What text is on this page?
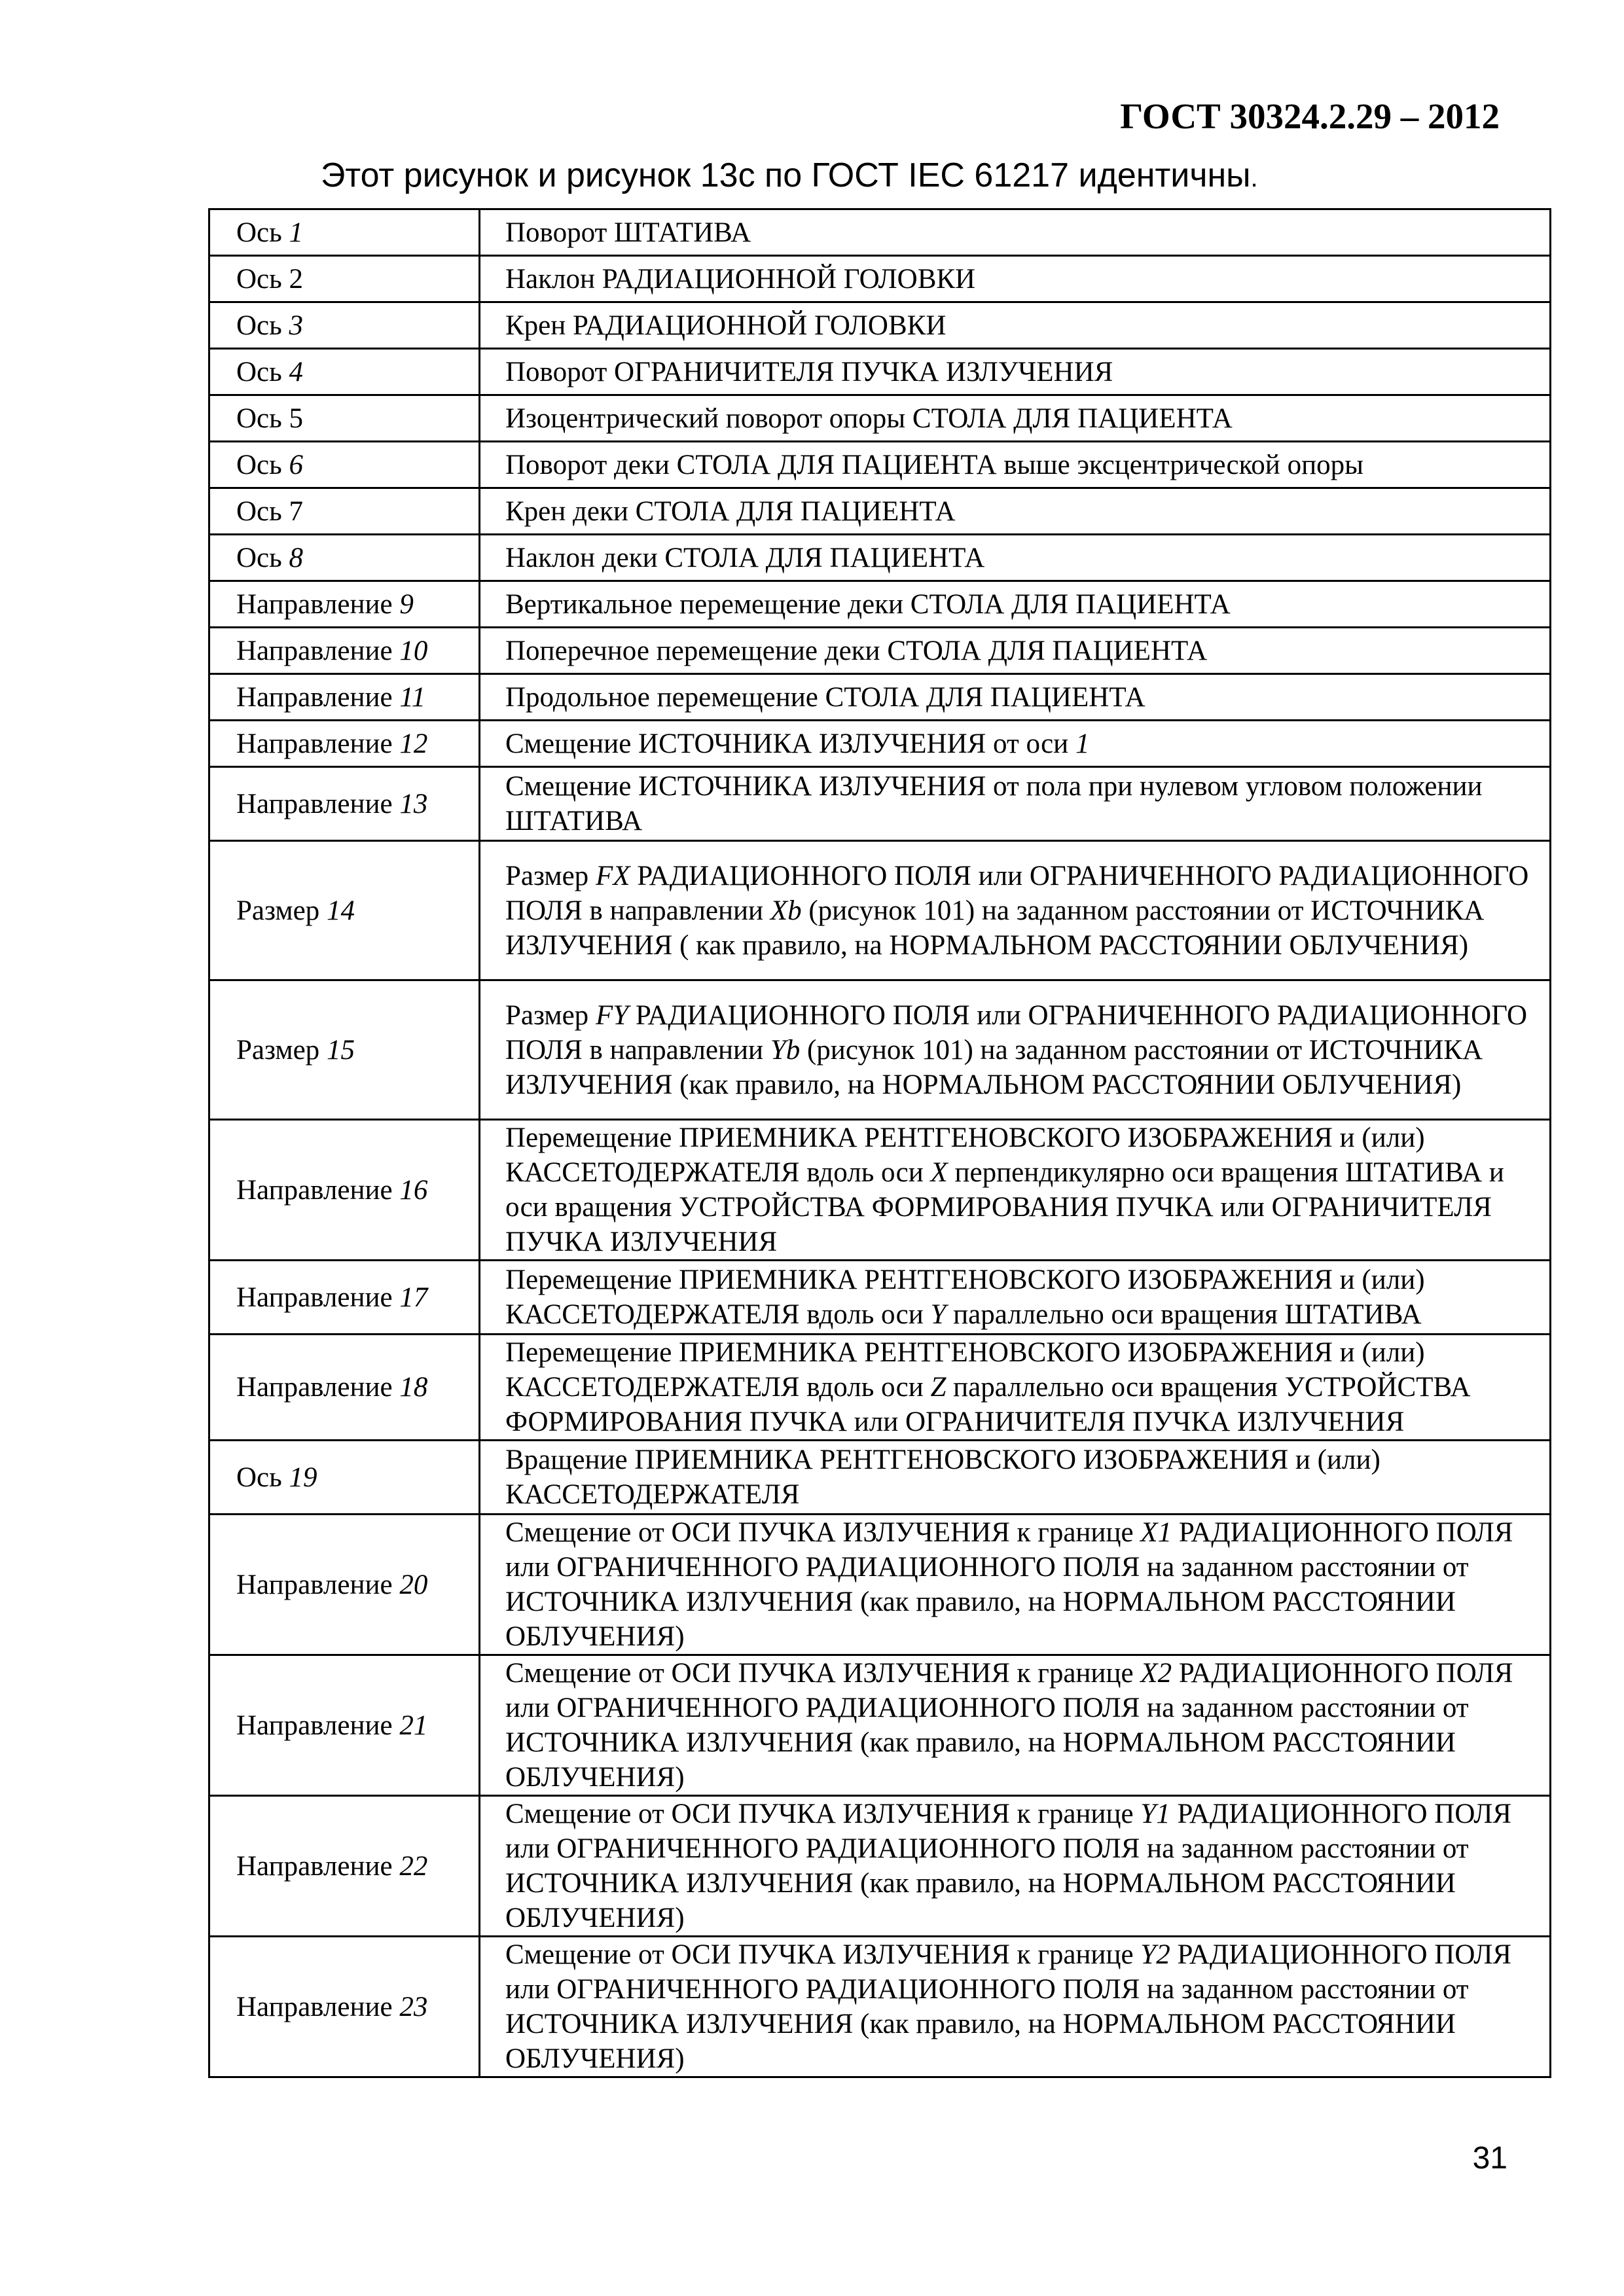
ГОСТ 30324.2.29 – 2012
Этот рисунок и рисунок 13с по ГОСТ IEC 61217 идентичны.
Ось 1	Поворот ШТАТИВА
Ось 2	Наклон РАДИАЦИОННОЙ ГОЛОВКИ
Ось 3	Крен РАДИАЦИОННОЙ ГОЛОВКИ
Ось 4	Поворот ОГРАНИЧИТЕЛЯ ПУЧКА ИЗЛУЧЕНИЯ
Ось 5	Изоцентрический поворот опоры СТОЛА ДЛЯ ПАЦИЕНТА
Ось 6	Поворот деки СТОЛА ДЛЯ ПАЦИЕНТА выше эксцентрической опоры
Ось 7	Крен деки СТОЛА ДЛЯ ПАЦИЕНТА
Ось 8	Наклон деки СТОЛА ДЛЯ ПАЦИЕНТА
Направление 9	Вертикальное перемещение деки СТОЛА ДЛЯ ПАЦИЕНТА
Направление 10	Поперечное перемещение деки СТОЛА ДЛЯ ПАЦИЕНТА
Направление 11	Продольное перемещение СТОЛА ДЛЯ ПАЦИЕНТА
Направление 12	Смещение ИСТОЧНИКА ИЗЛУЧЕНИЯ от оси 1
Направление 13	Смещение ИСТОЧНИКА ИЗЛУЧЕНИЯ от пола при нулевом угловом положении ШТАТИВА
Размер 14	Размер FX РАДИАЦИОННОГО ПОЛЯ или ОГРАНИЧЕННОГО РАДИАЦИОННОГО ПОЛЯ в направлении Xb (рисунок 101) на заданном расстоянии от ИСТОЧНИКА ИЗЛУЧЕНИЯ ( как правило, на НОРМАЛЬНОМ РАССТОЯНИИ ОБЛУЧЕНИЯ)
Размер 15	Размер FY РАДИАЦИОННОГО ПОЛЯ или ОГРАНИЧЕННОГО РАДИАЦИОННОГО ПОЛЯ в направлении Yb (рисунок 101) на заданном расстоянии от ИСТОЧНИКА ИЗЛУЧЕНИЯ (как правило, на НОРМАЛЬНОМ РАССТОЯНИИ ОБЛУЧЕНИЯ)
Направление 16	Перемещение ПРИЕМНИКА РЕНТГЕНОВСКОГО ИЗОБРАЖЕНИЯ и (или) КАССЕТОДЕРЖАТЕЛЯ вдоль оси X перпендикулярно оси вращения ШТАТИВА и оси вращения УСТРОЙСТВА ФОРМИРОВАНИЯ ПУЧКА или ОГРАНИЧИТЕЛЯ ПУЧКА ИЗЛУЧЕНИЯ
Направление 17	Перемещение ПРИЕМНИКА РЕНТГЕНОВСКОГО ИЗОБРАЖЕНИЯ и (или) КАССЕТОДЕРЖАТЕЛЯ вдоль оси Y параллельно оси вращения ШТАТИВА
Направление 18	Перемещение ПРИЕМНИКА РЕНТГЕНОВСКОГО ИЗОБРАЖЕНИЯ и (или) КАССЕТОДЕРЖАТЕЛЯ вдоль оси Z параллельно оси вращения УСТРОЙСТВА ФОРМИРОВАНИЯ ПУЧКА или ОГРАНИЧИТЕЛЯ ПУЧКА ИЗЛУЧЕНИЯ
Ось 19	Вращение ПРИЕМНИКА РЕНТГЕНОВСКОГО ИЗОБРАЖЕНИЯ и (или) КАССЕТОДЕРЖАТЕЛЯ
Направление 20	Смещение от ОСИ ПУЧКА ИЗЛУЧЕНИЯ к границе X1 РАДИАЦИОННОГО ПОЛЯ или ОГРАНИЧЕННОГО РАДИАЦИОННОГО ПОЛЯ на заданном расстоянии от ИСТОЧНИКА ИЗЛУЧЕНИЯ (как правило, на НОРМАЛЬНОМ РАССТОЯНИИ ОБЛУЧЕНИЯ)
Направление 21	Смещение от ОСИ ПУЧКА ИЗЛУЧЕНИЯ к границе X2 РАДИАЦИОННОГО ПОЛЯ или ОГРАНИЧЕННОГО РАДИАЦИОННОГО ПОЛЯ на заданном расстоянии от ИСТОЧНИКА ИЗЛУЧЕНИЯ (как правило, на НОРМАЛЬНОМ РАССТОЯНИИ ОБЛУЧЕНИЯ)
Направление 22	Смещение от ОСИ ПУЧКА ИЗЛУЧЕНИЯ к границе Y1 РАДИАЦИОННОГО ПОЛЯ или ОГРАНИЧЕННОГО РАДИАЦИОННОГО ПОЛЯ на заданном расстоянии от ИСТОЧНИКА ИЗЛУЧЕНИЯ (как правило, на НОРМАЛЬНОМ РАССТОЯНИИ ОБЛУЧЕНИЯ)
Направление 23	Смещение от ОСИ ПУЧКА ИЗЛУЧЕНИЯ к границе Y2 РАДИАЦИОННОГО ПОЛЯ или ОГРАНИЧЕННОГО РАДИАЦИОННОГО ПОЛЯ на заданном расстоянии от ИСТОЧНИКА ИЗЛУЧЕНИЯ (как правило, на НОРМАЛЬНОМ РАССТОЯНИИ ОБЛУЧЕНИЯ)
31
